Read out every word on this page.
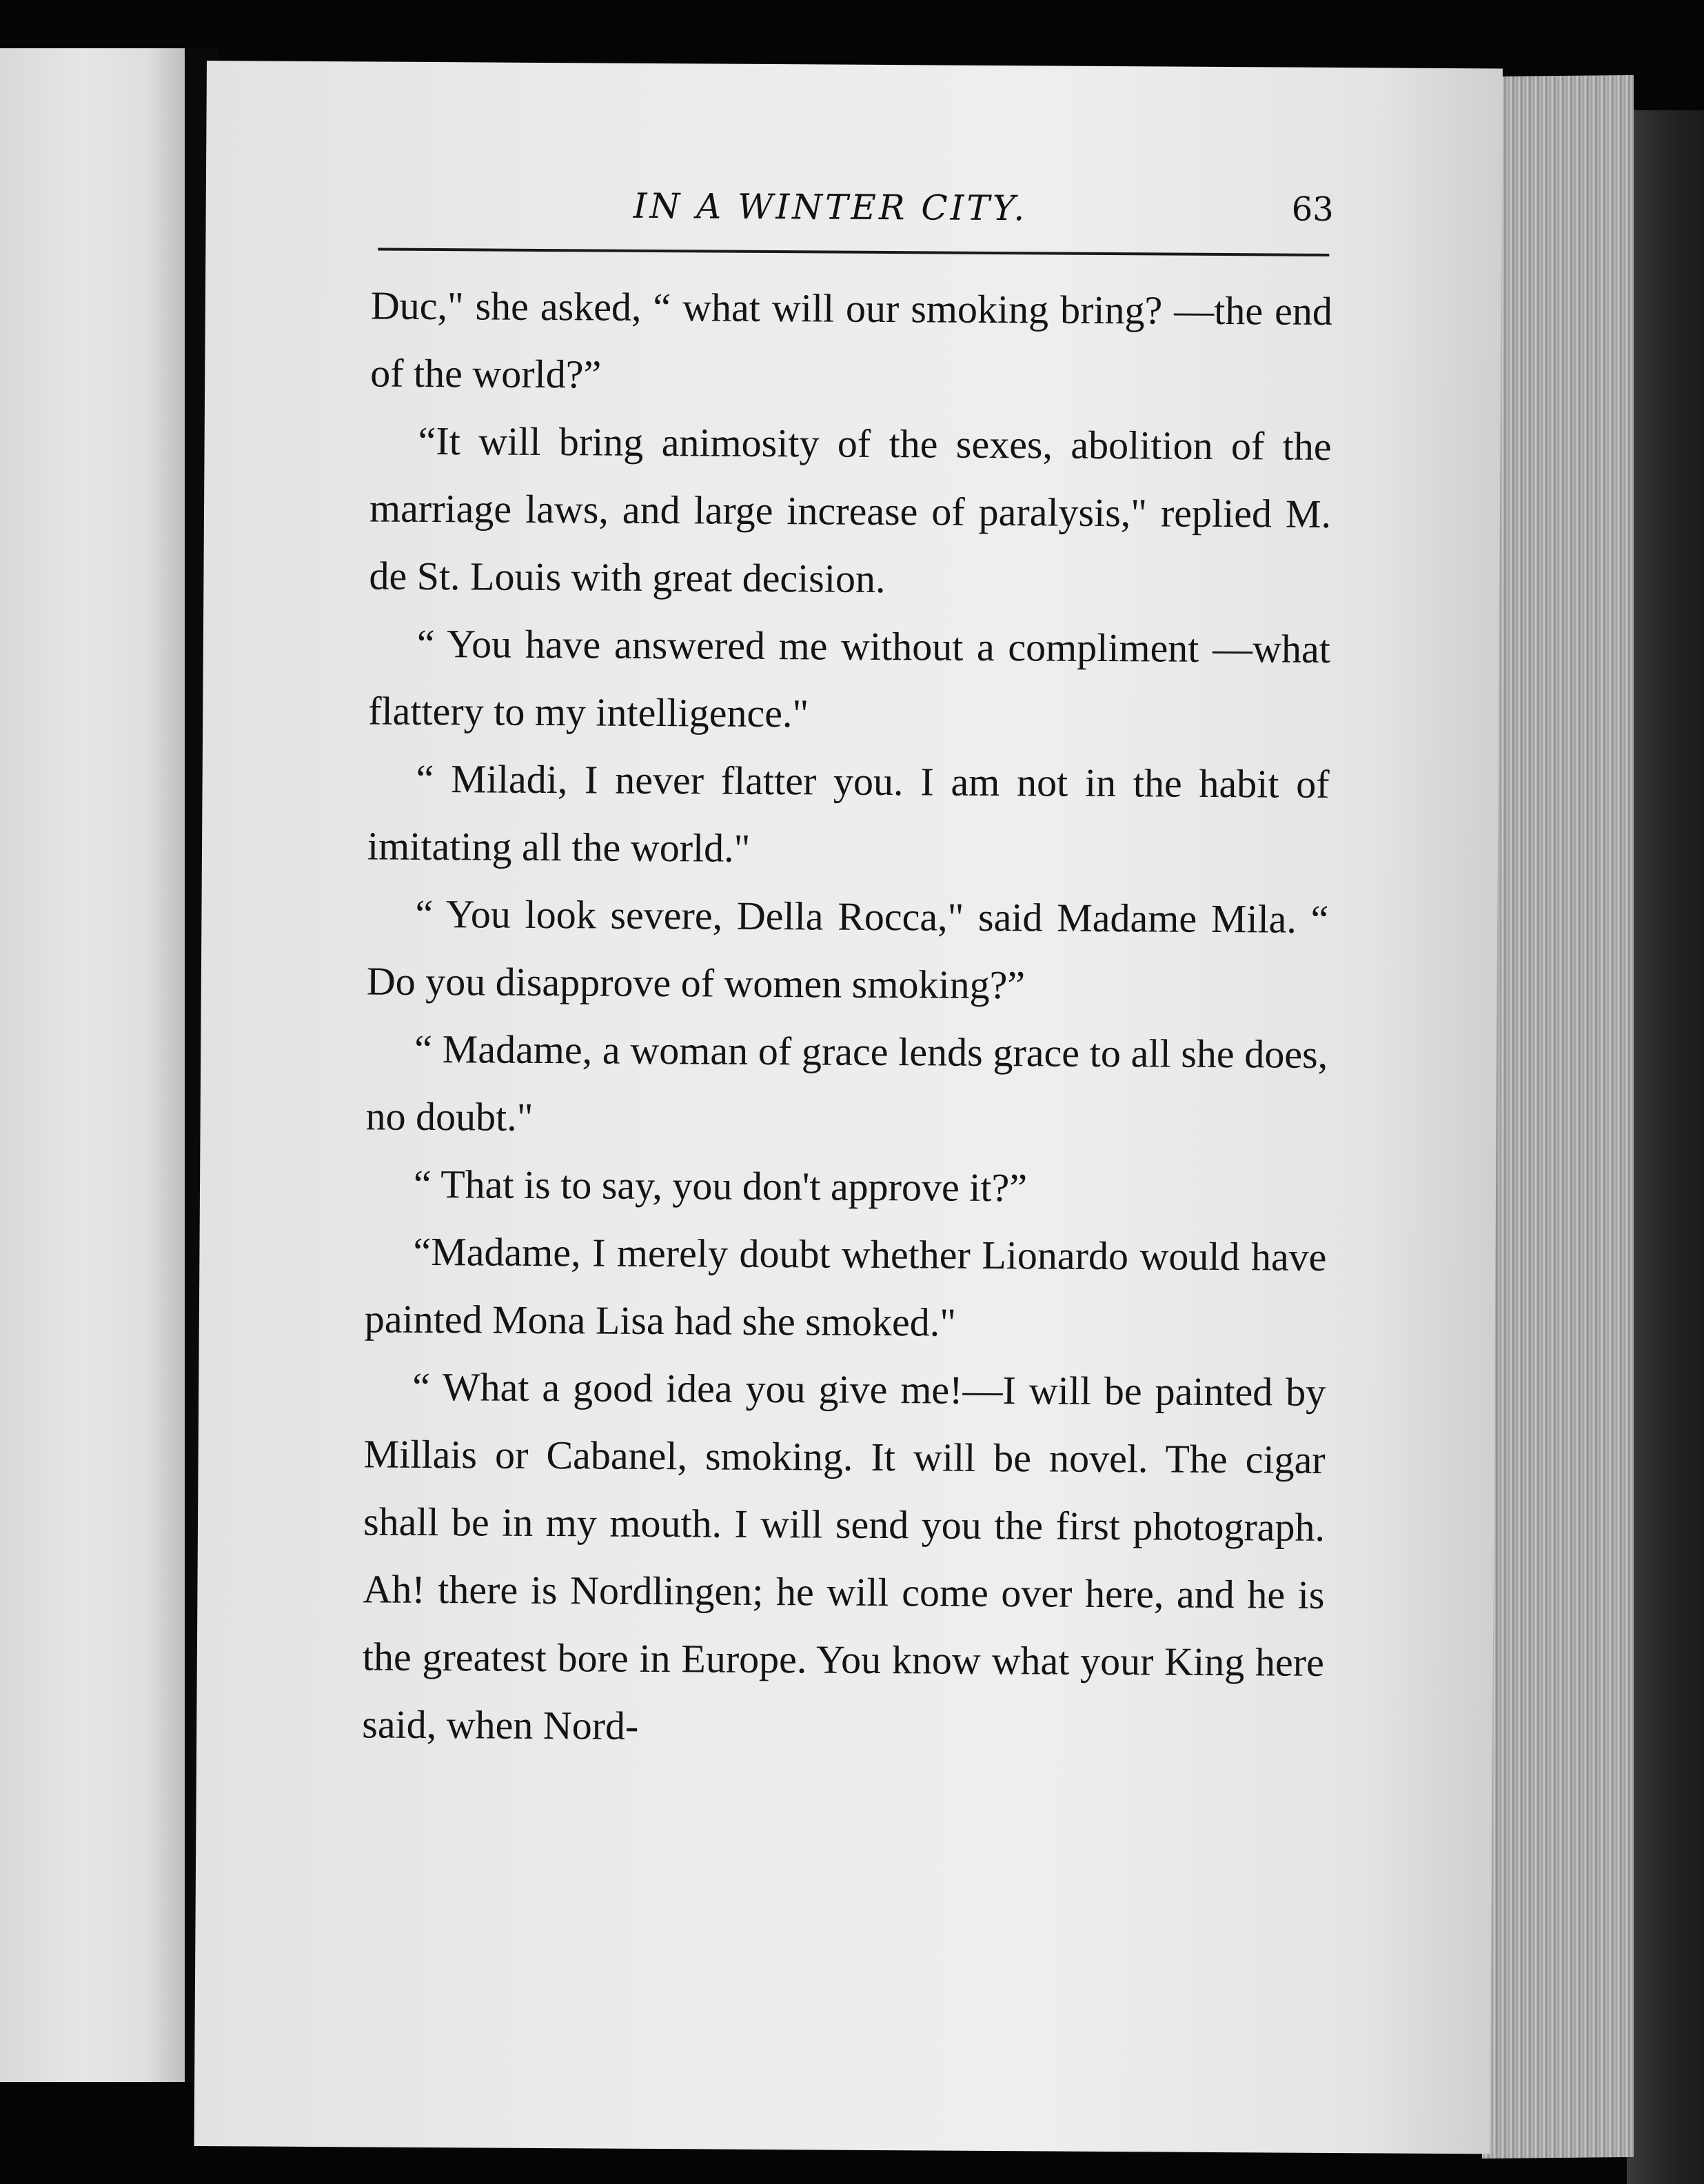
IN A WINTER CITY.	63

Duc," she asked, “ what will our smoking bring? —the end of the world?”

“It will bring animosity of the sexes, abolition of the marriage laws, and large increase of paralysis," replied M. de St. Louis with great decision.

“ You have answered me without a compliment —what flattery to my intelligence."

“ Miladi, I never flatter you. I am not in the habit of imitating all the world."

“ You look severe, Della Rocca," said Madame Mila. “ Do you disapprove of women smoking?”

“ Madame, a woman of grace lends grace to all she does, no doubt."

“ That is to say, you don't approve it?”

“Madame, I merely doubt whether Lionardo would have painted Mona Lisa had she smoked."

“ What a good idea you give me!—I will be painted by Millais or Cabanel, smoking. It will be novel. The cigar shall be in my mouth. I will send you the first photograph. Ah! there is Nordlingen; he will come over here, and he is the greatest bore in Europe. You know what your King here said, when Nord-
